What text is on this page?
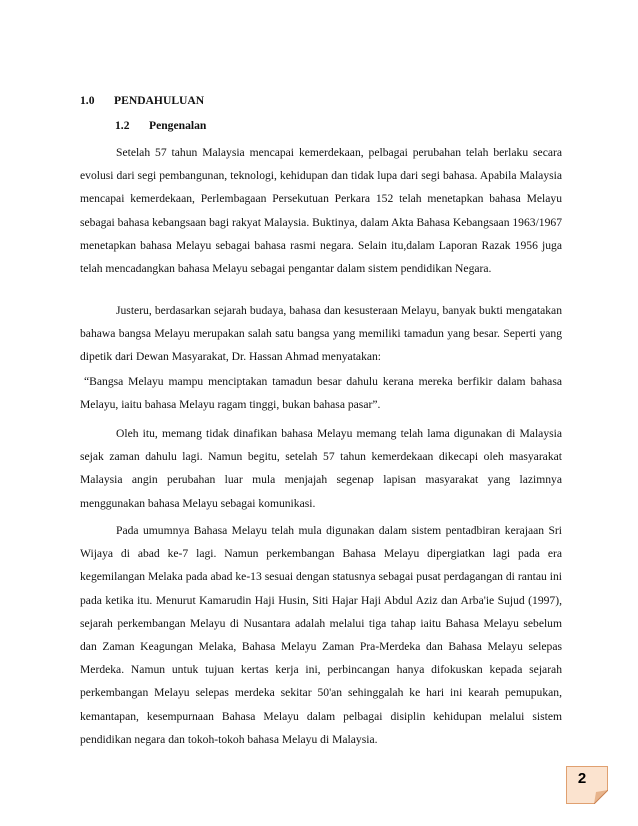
1.0 PENDAHULUAN
1.2 Pengenalan

Setelah 57 tahun Malaysia mencapai kemerdekaan, pelbagai perubahan telah berlaku secara evolusi dari segi pembangunan, teknologi, kehidupan dan tidak lupa dari segi bahasa. Apabila Malaysia mencapai kemerdekaan, Perlembagaan Persekutuan Perkara 152 telah menetapkan bahasa Melayu sebagai bahasa kebangsaan bagi rakyat Malaysia. Buktinya, dalam Akta Bahasa Kebangsaan 1963/1967 menetapkan bahasa Melayu sebagai bahasa rasmi negara. Selain itu,dalam Laporan Razak 1956 juga telah mencadangkan bahasa Melayu sebagai pengantar dalam sistem pendidikan Negara.

Justeru, berdasarkan sejarah budaya, bahasa dan kesusteraan Melayu, banyak bukti mengatakan bahawa bangsa Melayu merupakan salah satu bangsa yang memiliki tamadun yang besar. Seperti yang dipetik dari Dewan Masyarakat, Dr. Hassan Ahmad menyatakan:

“Bangsa Melayu mampu menciptakan tamadun besar dahulu kerana mereka berfikir dalam bahasa Melayu, iaitu bahasa Melayu ragam tinggi, bukan bahasa pasar”.

Oleh itu, memang tidak dinafikan bahasa Melayu memang telah lama digunakan di Malaysia sejak zaman dahulu lagi. Namun begitu, setelah 57 tahun kemerdekaan dikecapi oleh masyarakat Malaysia angin perubahan luar mula menjajah segenap lapisan masyarakat yang lazimnya menggunakan bahasa Melayu sebagai komunikasi.

Pada umumnya Bahasa Melayu telah mula digunakan dalam sistem pentadbiran kerajaan Sri Wijaya di abad ke-7 lagi. Namun perkembangan Bahasa Melayu dipergiatkan lagi pada era kegemilangan Melaka pada abad ke-13 sesuai dengan statusnya sebagai pusat perdagangan di rantau ini pada ketika itu. Menurut Kamarudin Haji Husin, Siti Hajar Haji Abdul Aziz dan Arba'ie Sujud (1997), sejarah perkembangan Melayu di Nusantara adalah melalui tiga tahap iaitu Bahasa Melayu sebelum dan Zaman Keagungan Melaka, Bahasa Melayu Zaman Pra-Merdeka dan Bahasa Melayu selepas Merdeka. Namun untuk tujuan kertas kerja ini, perbincangan hanya difokuskan kepada sejarah perkembangan Melayu selepas merdeka sekitar 50'an sehinggalah ke hari ini kearah pemupukan, kemantapan, kesempurnaan Bahasa Melayu dalam pelbagai disiplin kehidupan melalui sistem pendidikan negara dan tokoh-tokoh bahasa Melayu di Malaysia.

2
